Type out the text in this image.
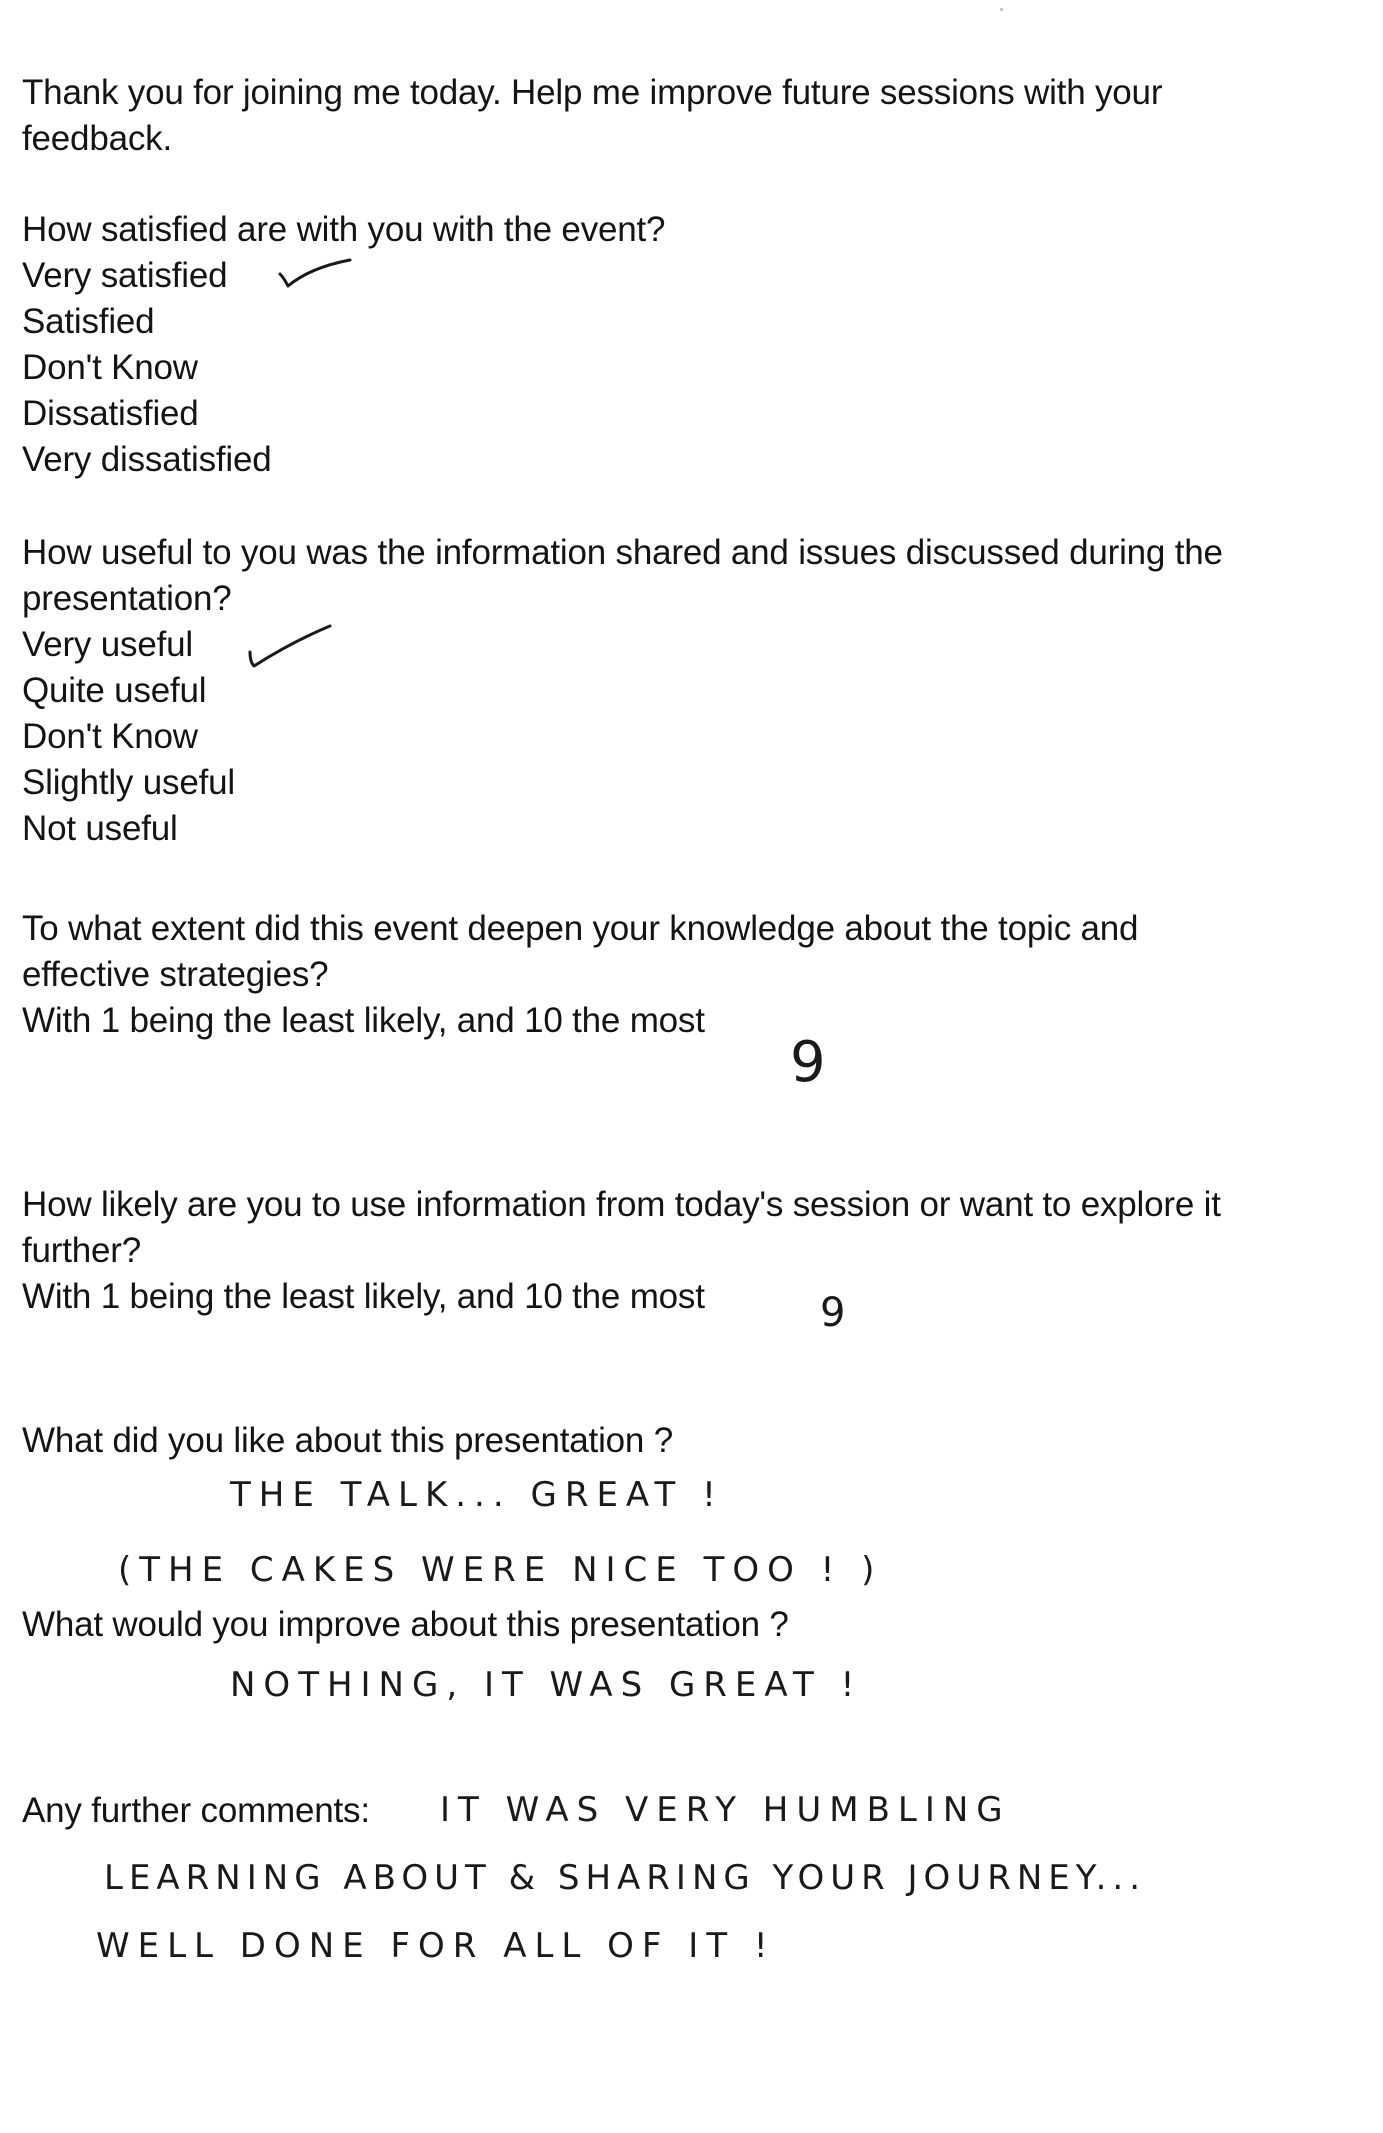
Thank you for joining me today. Help me improve future sessions with your
feedback.
How satisfied are with you with the event?
Very satisfied
Satisfied
Don't Know
Dissatisfied
Very dissatisfied
How useful to you was the information shared and issues discussed during the
presentation?
Very useful
Quite useful
Don't Know
Slightly useful
Not useful
To what extent did this event deepen your knowledge about the topic and
effective strategies?
With 1 being the least likely, and 10 the most
9
How likely are you to use information from today's session or want to explore it
further?
With 1 being the least likely, and 10 the most	9
What did you like about this presentation ?
THE TALK... GREAT !
(THE CAKES WERE NICE TOO ! )
What would you improve about this presentation ?
NOTHING, IT WAS GREAT !
Any further comments: IT WAS VERY HUMBLING
LEARNING ABOUT & SHARING YOUR JOURNEY...
WELL DONE FOR ALL OF IT !
